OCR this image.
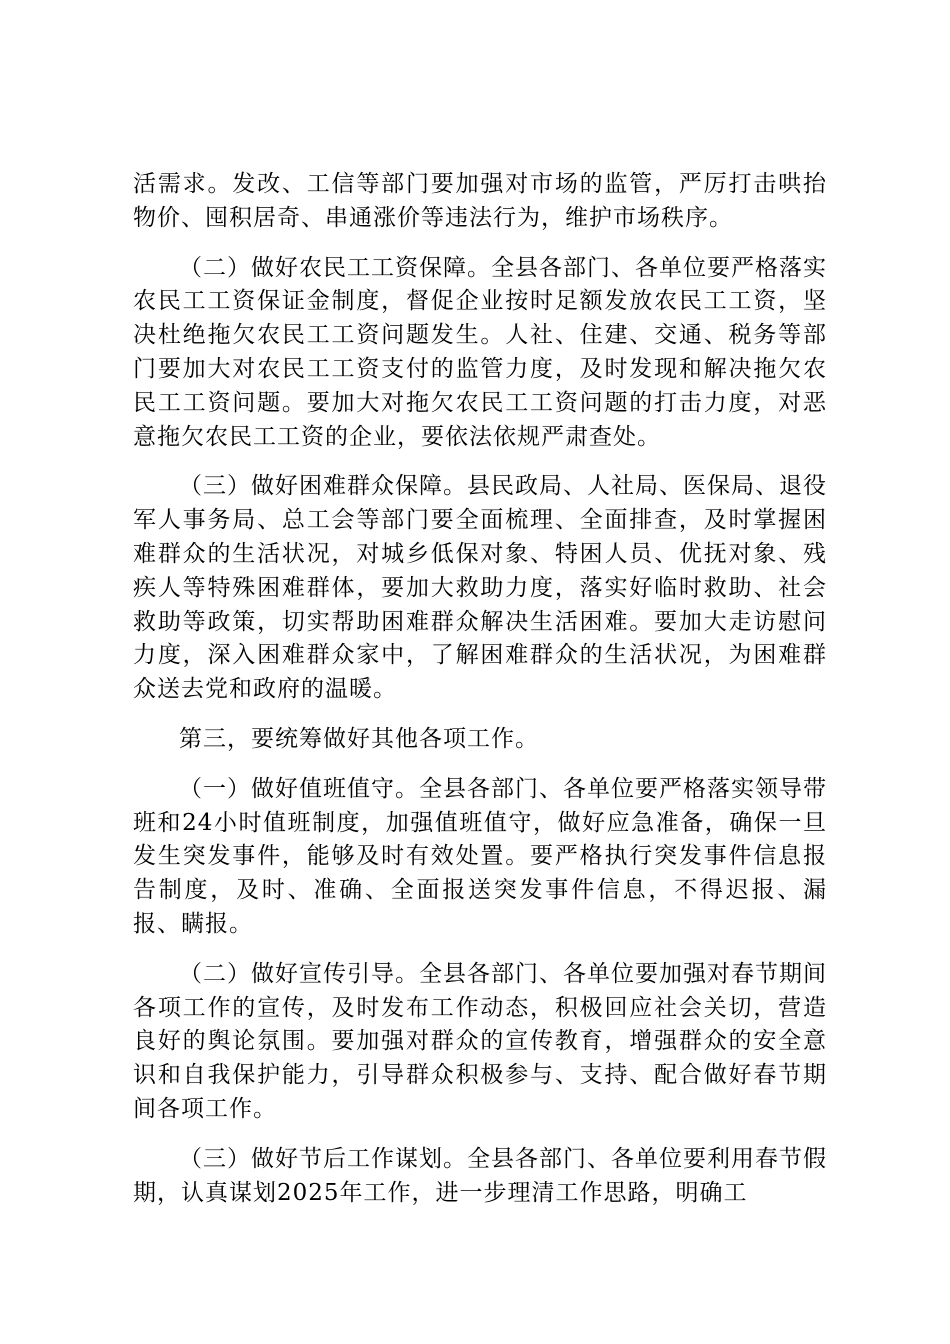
活需求。发改、工信等部门要加强对市场的监管，严厉打击哄抬物价、囤积居奇、串通涨价等违法行为，维护市场秩序。

（二）做好农民工工资保障。全县各部门、各单位要严格落实农民工工资保证金制度，督促企业按时足额发放农民工工资，坚决杜绝拖欠农民工工资问题发生。人社、住建、交通、税务等部门要加大对农民工工资支付的监管力度，及时发现和解决拖欠农民工工资问题。要加大对拖欠农民工工资问题的打击力度，对恶意拖欠农民工工资的企业，要依法依规严肃查处。

（三）做好困难群众保障。县民政局、人社局、医保局、退役军人事务局、总工会等部门要全面梳理、全面排查，及时掌握困难群众的生活状况，对城乡低保对象、特困人员、优抚对象、残疾人等特殊困难群体，要加大救助力度，落实好临时救助、社会救助等政策，切实帮助困难群众解决生活困难。要加大走访慰问力度，深入困难群众家中，了解困难群众的生活状况，为困难群众送去党和政府的温暖。

第三，要统筹做好其他各项工作。

（一）做好值班值守。全县各部门、各单位要严格落实领导带班和24小时值班制度，加强值班值守，做好应急准备，确保一旦发生突发事件，能够及时有效处置。要严格执行突发事件信息报告制度，及时、准确、全面报送突发事件信息，不得迟报、漏报、瞒报。

（二）做好宣传引导。全县各部门、各单位要加强对春节期间各项工作的宣传，及时发布工作动态，积极回应社会关切，营造良好的舆论氛围。要加强对群众的宣传教育，增强群众的安全意识和自我保护能力，引导群众积极参与、支持、配合做好春节期间各项工作。

（三）做好节后工作谋划。全县各部门、各单位要利用春节假期，认真谋划2025年工作，进一步理清工作思路，明确工
